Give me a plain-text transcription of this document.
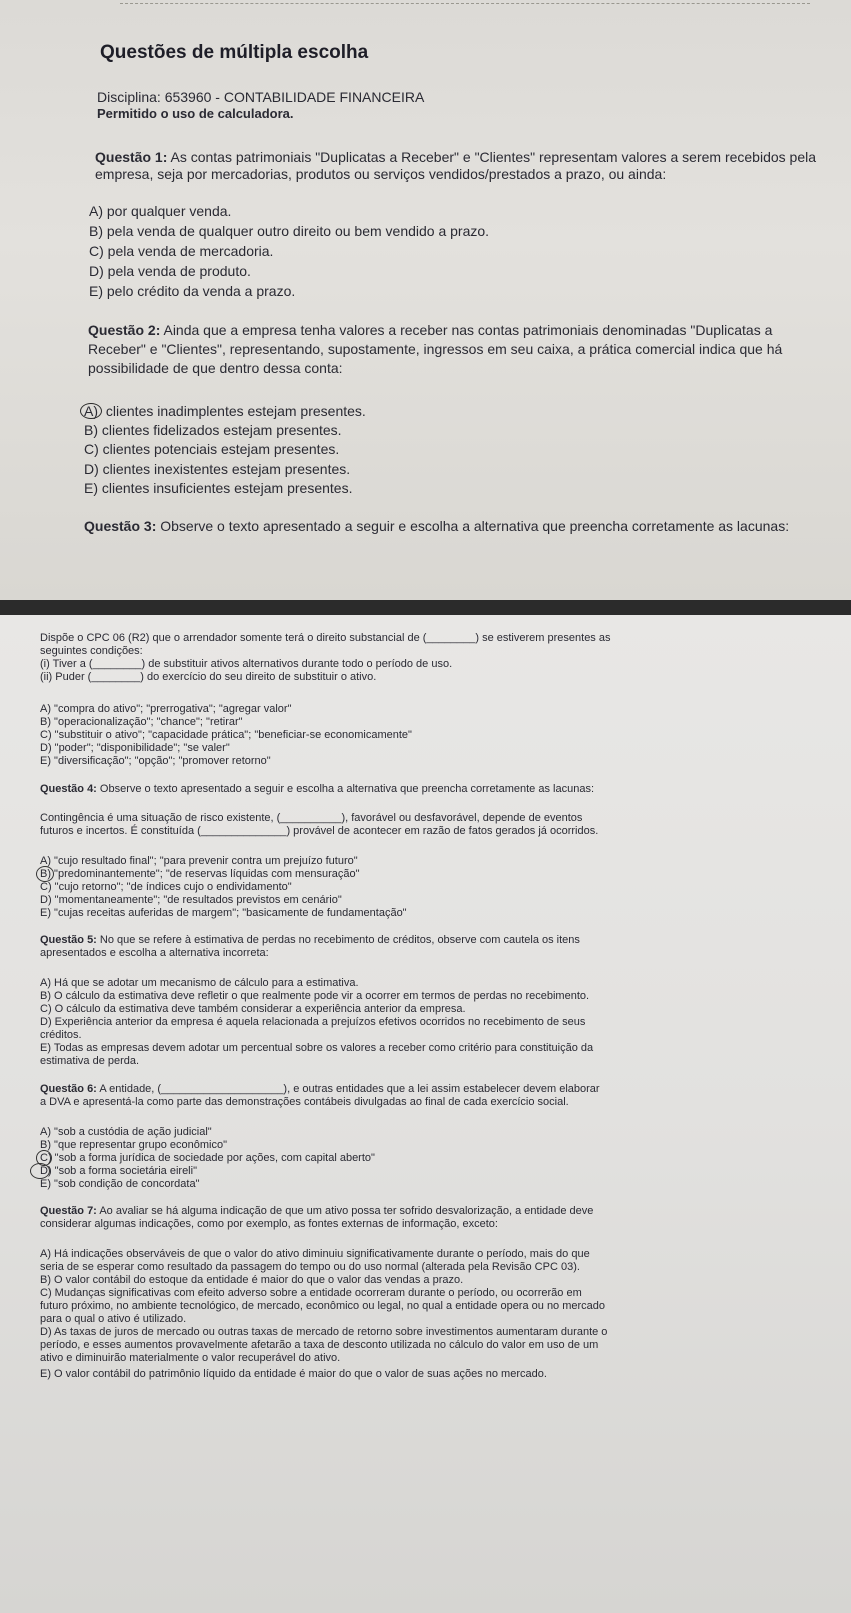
Questões de múltipla escolha
Disciplina: 653960 - CONTABILIDADE FINANCEIRA
Permitido o uso de calculadora.
Questão 1: As contas patrimoniais "Duplicatas a Receber" e "Clientes" representam valores a serem recebidos pela
empresa, seja por mercadorias, produtos ou serviços vendidos/prestados a prazo, ou ainda:
A) por qualquer venda.
B) pela venda de qualquer outro direito ou bem vendido a prazo.
C) pela venda de mercadoria.
D) pela venda de produto.
E) pelo crédito da venda a prazo.
Questão 2: Ainda que a empresa tenha valores a receber nas contas patrimoniais denominadas "Duplicatas a
Receber" e "Clientes", representando, supostamente, ingressos em seu caixa, a prática comercial indica que há
possibilidade de que dentro dessa conta:
A) clientes inadimplentes estejam presentes.
B) clientes fidelizados estejam presentes.
C) clientes potenciais estejam presentes.
D) clientes inexistentes estejam presentes.
E) clientes insuficientes estejam presentes.
Questão 3: Observe o texto apresentado a seguir e escolha a alternativa que preencha corretamente as lacunas:
Dispõe o CPC 06 (R2) que o arrendador somente terá o direito substancial de (________) se estiverem presentes as
seguintes condições:
(i) Tiver a (________) de substituir ativos alternativos durante todo o período de uso.
(ii) Puder (________) do exercício do seu direito de substituir o ativo.
A) "compra do ativo"; "prerrogativa"; "agregar valor"
B) "operacionalização"; "chance"; "retirar"
C) "substituir o ativo"; "capacidade prática"; "beneficiar-se economicamente"
D) "poder"; "disponibilidade"; "se valer"
E) "diversificação"; "opção"; "promover retorno"
Questão 4: Observe o texto apresentado a seguir e escolha a alternativa que preencha corretamente as lacunas:
Contingência é uma situação de risco existente, (__________), favorável ou desfavorável, depende de eventos
futuros e incertos. É constituída (______________) provável de acontecer em razão de fatos gerados já ocorridos.
A) "cujo resultado final"; "para prevenir contra um prejuízo futuro"
B) "predominantemente"; "de reservas líquidas com mensuração"
C) "cujo retorno"; "de índices cujo o endividamento"
D) "momentaneamente"; "de resultados previstos em cenário"
E) "cujas receitas auferidas de margem"; "basicamente de fundamentação"
Questão 5: No que se refere à estimativa de perdas no recebimento de créditos, observe com cautela os itens
apresentados e escolha a alternativa incorreta:
A) Há que se adotar um mecanismo de cálculo para a estimativa.
B) O cálculo da estimativa deve refletir o que realmente pode vir a ocorrer em termos de perdas no recebimento.
C) O cálculo da estimativa deve também considerar a experiência anterior da empresa.
D) Experiência anterior da empresa é aquela relacionada a prejuízos efetivos ocorridos no recebimento de seus
créditos.
E) Todas as empresas devem adotar um percentual sobre os valores a receber como critério para constituição da
estimativa de perda.
Questão 6: A entidade, (____________________), e outras entidades que a lei assim estabelecer devem elaborar
a DVA e apresentá-la como parte das demonstrações contábeis divulgadas ao final de cada exercício social.
A) "sob a custódia de ação judicial"
B) "que representar grupo econômico"
C) "sob a forma jurídica de sociedade por ações, com capital aberto"
D) "sob a forma societária eireli"
E) "sob condição de concordata"
Questão 7: Ao avaliar se há alguma indicação de que um ativo possa ter sofrido desvalorização, a entidade deve
considerar algumas indicações, como por exemplo, as fontes externas de informação, exceto:
A) Há indicações observáveis de que o valor do ativo diminuiu significativamente durante o período, mais do que
seria de se esperar como resultado da passagem do tempo ou do uso normal (alterada pela Revisão CPC 03).
B) O valor contábil do estoque da entidade é maior do que o valor das vendas a prazo.
C) Mudanças significativas com efeito adverso sobre a entidade ocorreram durante o período, ou ocorrerão em
futuro próximo, no ambiente tecnológico, de mercado, econômico ou legal, no qual a entidade opera ou no mercado
para o qual o ativo é utilizado.
D) As taxas de juros de mercado ou outras taxas de mercado de retorno sobre investimentos aumentaram durante o
período, e esses aumentos provavelmente afetarão a taxa de desconto utilizada no cálculo do valor em uso de um
ativo e diminuirão materialmente o valor recuperável do ativo.
E) O valor contábil do patrimônio líquido da entidade é maior do que o valor de suas ações no mercado.
